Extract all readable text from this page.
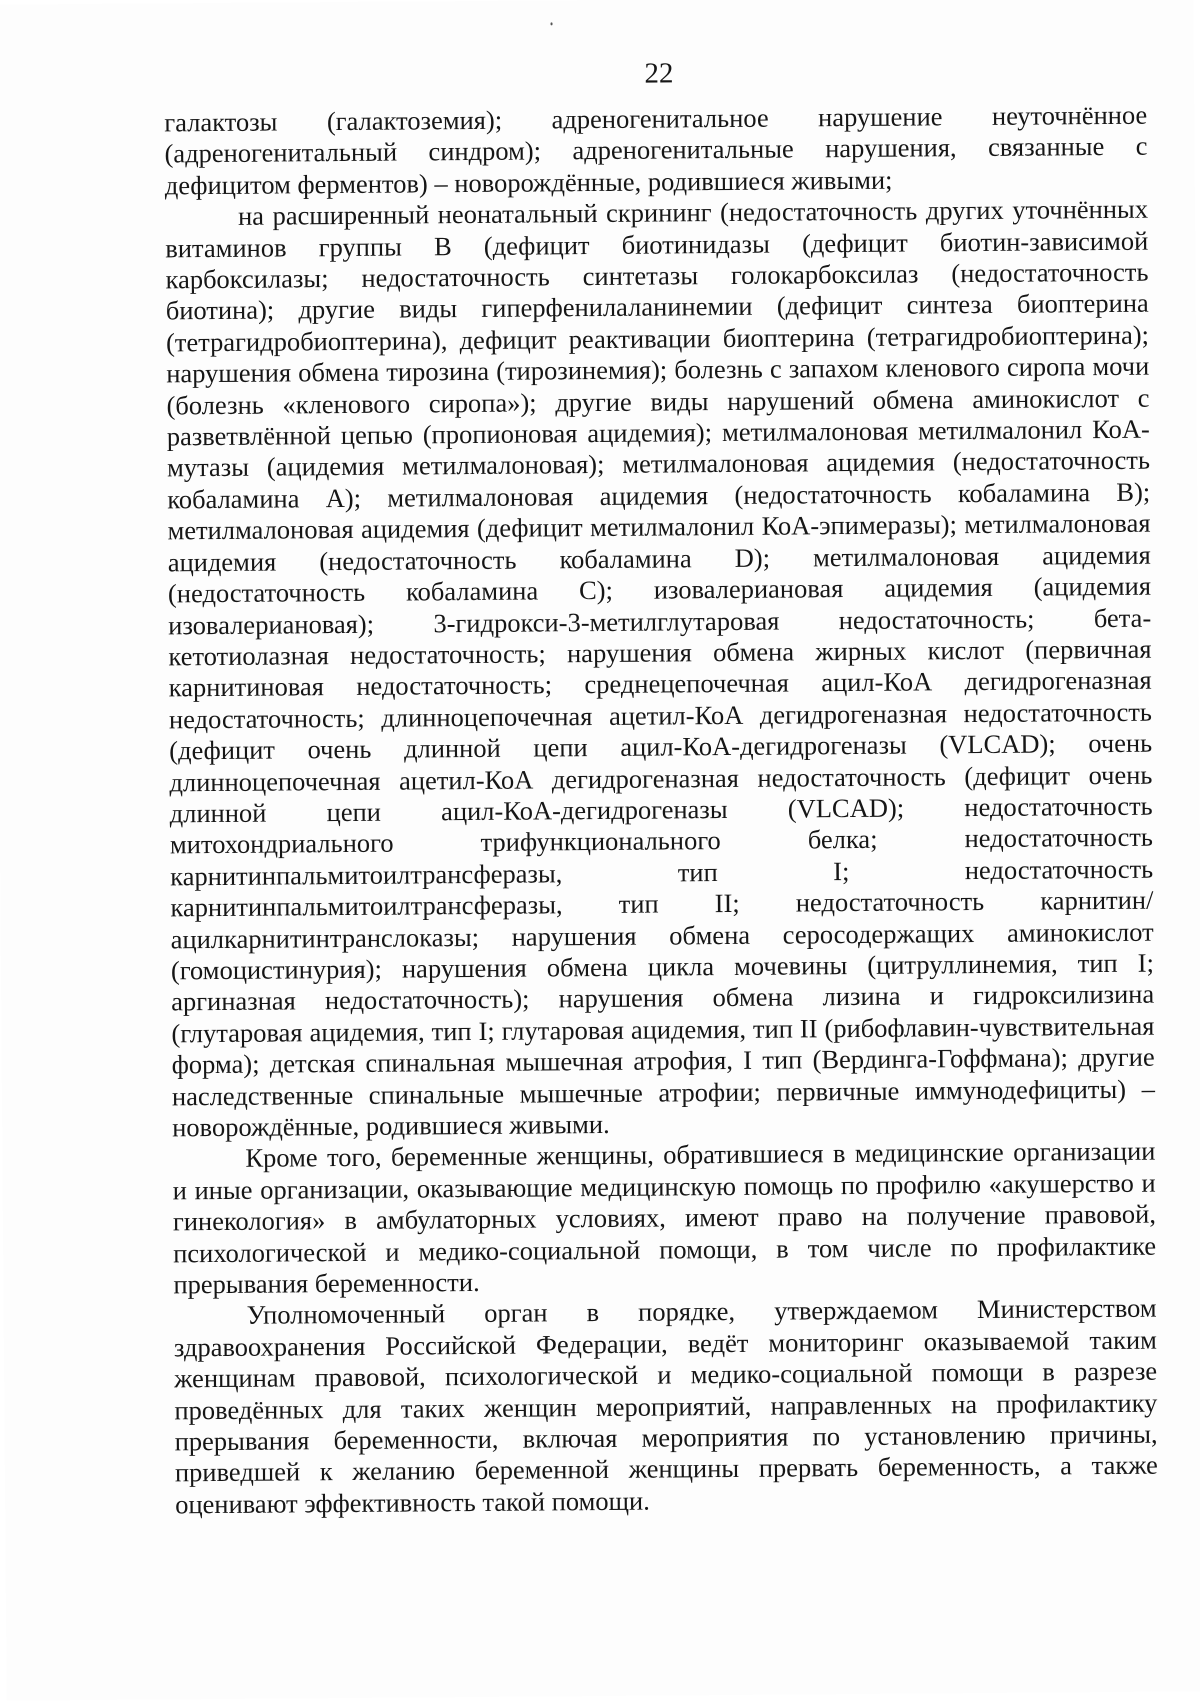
22

галактозы (галактоземия); адреногенитальное нарушение неуточнённое (адреногенитальный синдром); адреногенитальные нарушения, связанные с дефицитом ферментов) – новорождённые, родившиеся живыми;

на расширенный неонатальный скрининг (недостаточность других уточнённых витаминов группы B (дефицит биотинидазы (дефицит биотин-зависимой карбоксилазы; недостаточность синтетазы голокарбоксилаз (недостаточность биотина); другие виды гиперфенилаланинемии (дефицит синтеза биоптерина (тетрагидробиоптерина), дефицит реактивации биоптерина (тетрагидробиоптерина); нарушения обмена тирозина (тирозинемия); болезнь с запахом кленового сиропа мочи (болезнь «кленового сиропа»); другие виды нарушений обмена аминокислот с разветвлённой цепью (пропионовая ацидемия); метилмалоновая метилмалонил КоА-мутазы (ацидемия метилмалоновая); метилмалоновая ацидемия (недостаточность кобаламина A); метилмалоновая ацидемия (недостаточность кобаламина B); метилмалоновая ацидемия (дефицит метилмалонил КоА-эпимеразы); метилмалоновая ацидемия (недостаточность кобаламина D); метилмалоновая ацидемия (недостаточность кобаламина C); изовалериановая ацидемия (ацидемия изовалериановая); 3-гидрокси-3-метилглутаровая недостаточность; бета-кетотиолазная недостаточность; нарушения обмена жирных кислот (первичная карнитиновая недостаточность; среднецепочечная ацил-КоА дегидрогеназная недостаточность; длинноцепочечная ацетил-КоА дегидрогеназная недостаточность (дефицит очень длинной цепи ацил-КоА-дегидрогеназы (VLCAD); очень длинноцепочечная ацетил-КоА дегидрогеназная недостаточность (дефицит очень длинной цепи ацил-КоА-дегидрогеназы (VLCAD); недостаточность митохондриального трифункционального белка; недостаточность карнитинпальмитоилтрансферазы, тип I; недостаточность карнитинпальмитоилтрансферазы, тип II; недостаточность карнитин/ацилкарнитинтранслоказы; нарушения обмена серосодержащих аминокислот (гомоцистинурия); нарушения обмена цикла мочевины (цитруллинемия, тип I; аргиназная недостаточность); нарушения обмена лизина и гидроксилизина (глутаровая ацидемия, тип I; глутаровая ацидемия, тип II (рибофлавин-чувствительная форма); детская спинальная мышечная атрофия, I тип (Вердинга-Гоффмана); другие наследственные спинальные мышечные атрофии; первичные иммунодефициты) – новорождённые, родившиеся живыми.

Кроме того, беременные женщины, обратившиеся в медицинские организации и иные организации, оказывающие медицинскую помощь по профилю «акушерство и гинекология» в амбулаторных условиях, имеют право на получение правовой, психологической и медико-социальной помощи, в том числе по профилактике прерывания беременности.

Уполномоченный орган в порядке, утверждаемом Министерством здравоохранения Российской Федерации, ведёт мониторинг оказываемой таким женщинам правовой, психологической и медико-социальной помощи в разрезе проведённых для таких женщин мероприятий, направленных на профилактику прерывания беременности, включая мероприятия по установлению причины, приведшей к желанию беременной женщины прервать беременность, а также оценивают эффективность такой помощи.
